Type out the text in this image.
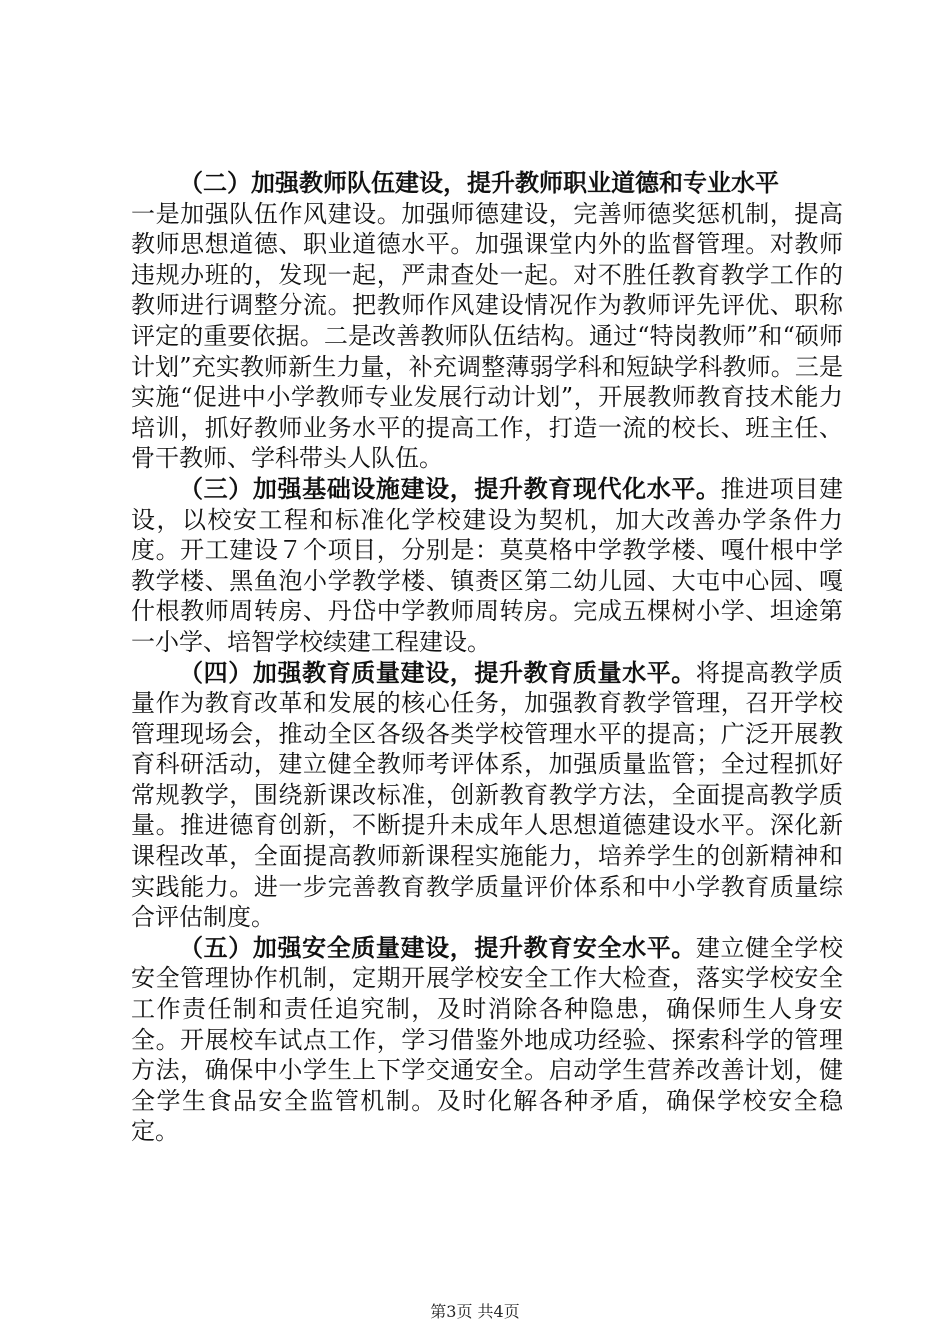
（二）加强教师队伍建设，提升教师职业道德和专业水平

一是加强队伍作风建设。加强师德建设，完善师德奖惩机制，提高教师思想道德、职业道德水平。加强课堂内外的监督管理。对教师违规办班的，发现一起，严肃查处一起。对不胜任教育教学工作的教师进行调整分流。把教师作风建设情况作为教师评先评优、职称评定的重要依据。二是改善教师队伍结构。通过“特岗教师”和“硕师计划”充实教师新生力量，补充调整薄弱学科和短缺学科教师。三是实施“促进中小学教师专业发展行动计划”，开展教师教育技术能力培训，抓好教师业务水平的提高工作，打造一流的校长、班主任、骨干教师、学科带头人队伍。

（三）加强基础设施建设，提升教育现代化水平。推进项目建设，以校安工程和标准化学校建设为契机，加大改善办学条件力度。开工建设７个项目，分别是：莫莫格中学教学楼、嘎什根中学教学楼、黑鱼泡小学教学楼、镇赉区第二幼儿园、大屯中心园、嘎什根教师周转房、丹岱中学教师周转房。完成五棵树小学、坦途第一小学、培智学校续建工程建设。

（四）加强教育质量建设，提升教育质量水平。将提高教学质量作为教育改革和发展的核心任务，加强教育教学管理，召开学校管理现场会，推动全区各级各类学校管理水平的提高；广泛开展教育科研活动，建立健全教师考评体系，加强质量监管；全过程抓好常规教学，围绕新课改标准，创新教育教学方法，全面提高教学质量。推进德育创新，不断提升未成年人思想道德建设水平。深化新课程改革，全面提高教师新课程实施能力，培养学生的创新精神和实践能力。进一步完善教育教学质量评价体系和中小学教育质量综合评估制度。

（五）加强安全质量建设，提升教育安全水平。建立健全学校安全管理协作机制，定期开展学校安全工作大检查，落实学校安全工作责任制和责任追究制，及时消除各种隐患，确保师生人身安全。开展校车试点工作，学习借鉴外地成功经验、探索科学的管理方法，确保中小学生上下学交通安全。启动学生营养改善计划，健全学生食品安全监管机制。及时化解各种矛盾，确保学校安全稳定。

第3页 共4页
